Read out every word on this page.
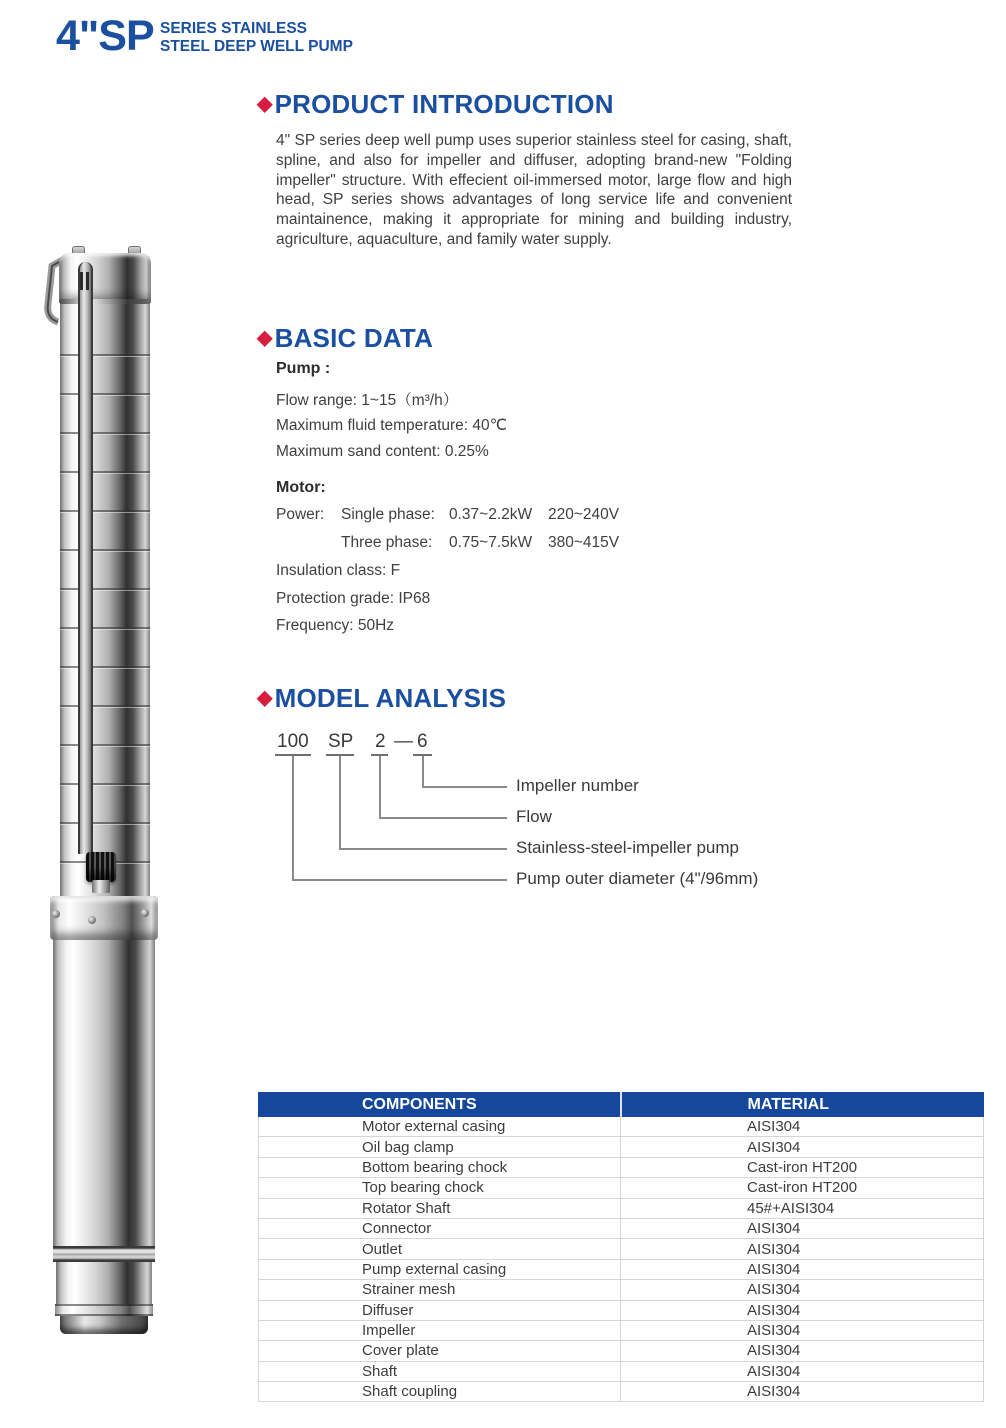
4"SP SERIES STAINLESS
STEEL DEEP WELL PUMP
◆PRODUCT INTRODUCTION
4" SP series deep well pump uses superior stainless steel for casing, shaft, spline, and also for impeller and diffuser, adopting brand-new "Folding impeller" structure. With effecient oil-immersed motor, large flow and high head, SP series shows advantages of long service life and convenient maintainence, making it appropriate for mining and building industry, agriculture, aquaculture, and family water supply.
◆BASIC DATA
Pump :
Flow range: 1~15（m³/h）
Maximum fluid temperature: 40℃
Maximum sand content: 0.25%
Motor:
Power: Single phase: 0.37~2.2kW 220~240V
Three phase: 0.75~7.5kW 380~415V
Insulation class: F
Protection grade: IP68
Frequency: 50Hz
◆MODEL ANALYSIS
100 SP 2 — 6
Impeller number
Flow
Stainless-steel-impeller pump
Pump outer diameter (4"/96mm)
COMPONENTS	MATERIAL
Motor external casing	AISI304
Oil bag clamp	AISI304
Bottom bearing chock	Cast-iron HT200
Top bearing chock	Cast-iron HT200
Rotator Shaft	45#+AISI304
Connector	AISI304
Outlet	AISI304
Pump external casing	AISI304
Strainer mesh	AISI304
Diffuser	AISI304
Impeller	AISI304
Cover plate	AISI304
Shaft	AISI304
Shaft coupling	AISI304
